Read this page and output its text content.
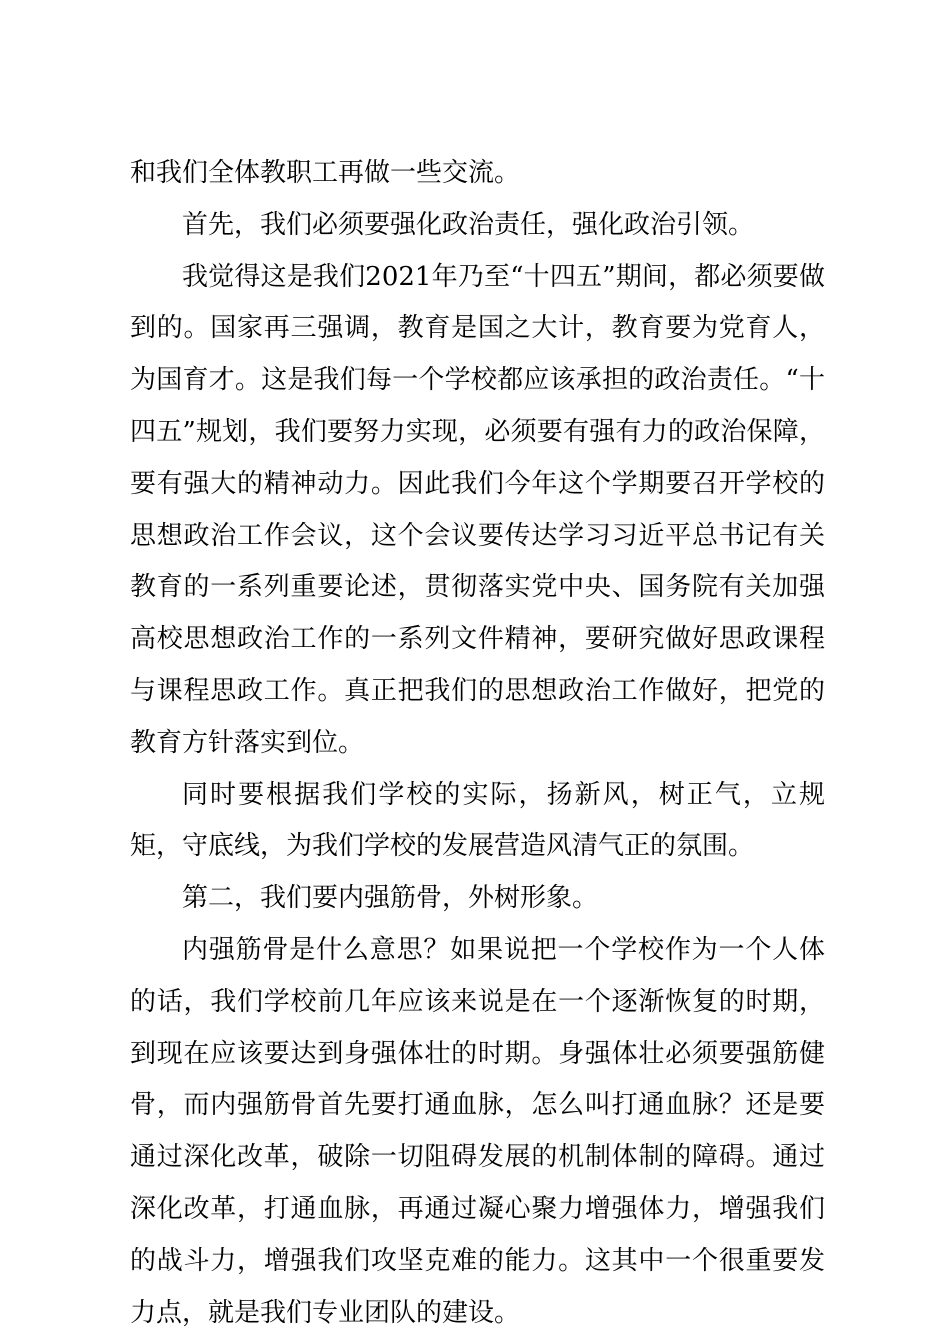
和我们全体教职工再做一些交流。

首先，我们必须要强化政治责任，强化政治引领。

我觉得这是我们2021年乃至“十四五”期间，都必须要做到的。国家再三强调，教育是国之大计，教育要为党育人，为国育才。这是我们每一个学校都应该承担的政治责任。“十四五”规划，我们要努力实现，必须要有强有力的政治保障，要有强大的精神动力。因此我们今年这个学期要召开学校的思想政治工作会议，这个会议要传达学习习近平总书记有关教育的一系列重要论述，贯彻落实党中央、国务院有关加强高校思想政治工作的一系列文件精神，要研究做好思政课程与课程思政工作。真正把我们的思想政治工作做好，把党的教育方针落实到位。

同时要根据我们学校的实际，扬新风，树正气，立规矩，守底线，为我们学校的发展营造风清气正的氛围。

第二，我们要内强筋骨，外树形象。

内强筋骨是什么意思？如果说把一个学校作为一个人体的话，我们学校前几年应该来说是在一个逐渐恢复的时期，到现在应该要达到身强体壮的时期。身强体壮必须要强筋健骨，而内强筋骨首先要打通血脉，怎么叫打通血脉？还是要通过深化改革，破除一切阻碍发展的机制体制的障碍。通过深化改革，打通血脉，再通过凝心聚力增强体力，增强我们的战斗力，增强我们攻坚克难的能力。这其中一个很重要发力点，就是我们专业团队的建设。
